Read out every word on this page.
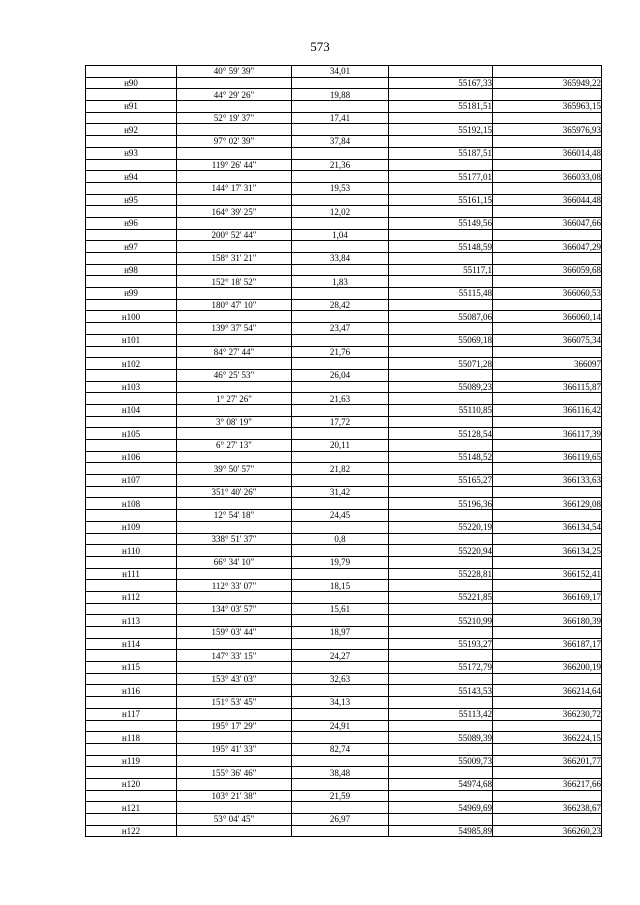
573
	40° 59' 39"	34,01		
н90			55167,33	365949,22
	44° 29' 26"	19,88		
н91			55181,51	365963,15
	52° 19' 37"	17,41		
н92			55192,15	365976,93
	97° 02' 39"	37,84		
н93			55187,51	366014,48
	119° 26' 44"	21,36		
н94			55177,01	366033,08
	144° 17' 31"	19,53		
н95			55161,15	366044,48
	164° 39' 25"	12,02		
н96			55149,56	366047,66
	200° 52' 44"	1,04		
н97			55148,59	366047,29
	158° 31' 21"	33,84		
н98			55117,1	366059,68
	152° 18' 52"	1,83		
н99			55115,48	366060,53
	180° 47' 10"	28,42		
н100			55087,06	366060,14
	139° 37' 54"	23,47		
н101			55069,18	366075,34
	84° 27' 44"	21,76		
н102			55071,28	366097
	46° 25' 53"	26,04		
н103			55089,23	366115,87
	1° 27' 26"	21,63		
н104			55110,85	366116,42
	3° 08' 19"	17,72		
н105			55128,54	366117,39
	6° 27' 13"	20,11		
н106			55148,52	366119,65
	39° 50' 57"	21,82		
н107			55165,27	366133,63
	351° 40' 26"	31,42		
н108			55196,36	366129,08
	12° 54' 18"	24,45		
н109			55220,19	366134,54
	338° 51' 37"	0,8		
н110			55220,94	366134,25
	66° 34' 10"	19,79		
н111			55228,81	366152,41
	112° 33' 07"	18,15		
н112			55221,85	366169,17
	134° 03' 57"	15,61		
н113			55210,99	366180,39
	159° 03' 44"	18,97		
н114			55193,27	366187,17
	147° 33' 15"	24,27		
н115			55172,79	366200,19
	153° 43' 03"	32,63		
н116			55143,53	366214,64
	151° 53' 45"	34,13		
н117			55113,42	366230,72
	195° 17' 29"	24,91		
н118			55089,39	366224,15
	195° 41' 33"	82,74		
н119			55009,73	366201,77
	155° 36' 46"	38,48		
н120			54974,68	366217,66
	103° 21' 38"	21,59		
н121			54969,69	366238,67
	53° 04' 45"	26,97		
н122			54985,89	366260,23
